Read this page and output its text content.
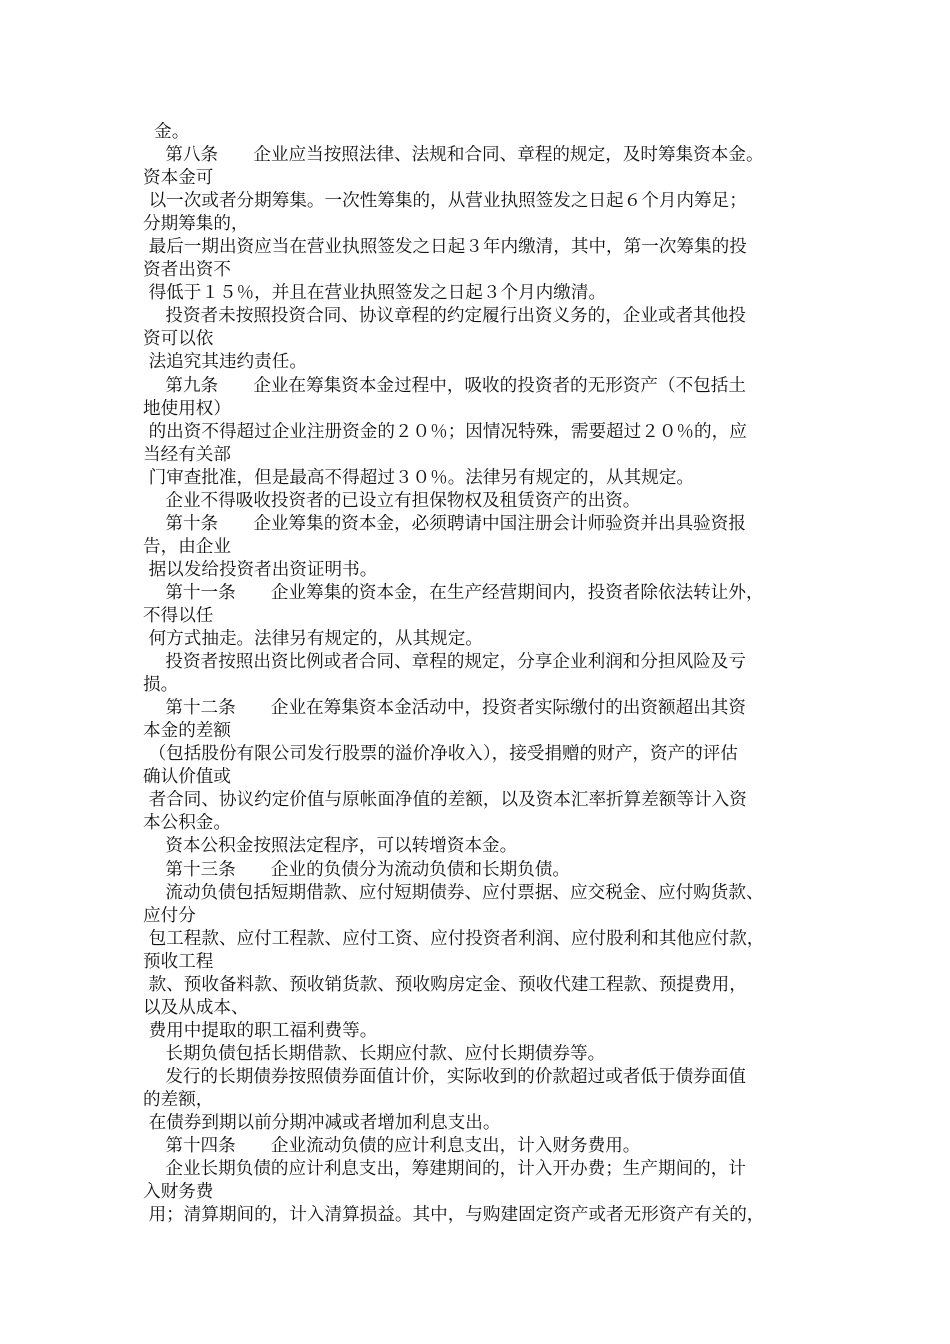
金。
第八条　　企业应当按照法律、法规和合同、章程的规定，及时筹集资本金。
资本金可
以一次或者分期筹集。一次性筹集的，从营业执照签发之日起６个月内筹足；
分期筹集的，
最后一期出资应当在营业执照签发之日起３年内缴清，其中，第一次筹集的投
资者出资不
得低于１５％，并且在营业执照签发之日起３个月内缴清。
投资者未按照投资合同、协议章程的约定履行出资义务的，企业或者其他投
资可以依
法追究其违约责任。
第九条　　企业在筹集资本金过程中，吸收的投资者的无形资产（不包括土
地使用权）
的出资不得超过企业注册资金的２０％；因情况特殊，需要超过２０％的，应
当经有关部
门审查批准，但是最高不得超过３０％。法律另有规定的，从其规定。
企业不得吸收投资者的已设立有担保物权及租赁资产的出资。
第十条　　企业筹集的资本金，必须聘请中国注册会计师验资并出具验资报
告，由企业
据以发给投资者出资证明书。
第十一条　　企业筹集的资本金，在生产经营期间内，投资者除依法转让外，
不得以任
何方式抽走。法律另有规定的，从其规定。
投资者按照出资比例或者合同、章程的规定，分享企业利润和分担风险及亏
损。
第十二条　　企业在筹集资本金活动中，投资者实际缴付的出资额超出其资
本金的差额
（包括股份有限公司发行股票的溢价净收入），接受捐赠的财产，资产的评估
确认价值或
者合同、协议约定价值与原帐面净值的差额，以及资本汇率折算差额等计入资
本公积金。
资本公积金按照法定程序，可以转增资本金。
第十三条　　企业的负债分为流动负债和长期负债。
流动负债包括短期借款、应付短期债券、应付票据、应交税金、应付购货款、
应付分
包工程款、应付工程款、应付工资、应付投资者利润、应付股利和其他应付款，
预收工程
款、预收备料款、预收销货款、预收购房定金、预收代建工程款、预提费用，
以及从成本、
费用中提取的职工福利费等。
长期负债包括长期借款、长期应付款、应付长期债券等。
发行的长期债券按照债券面值计价，实际收到的价款超过或者低于债券面值
的差额，
在债券到期以前分期冲减或者增加利息支出。
第十四条　　企业流动负债的应计利息支出，计入财务费用。
企业长期负债的应计利息支出，筹建期间的，计入开办费；生产期间的，计
入财务费
用；清算期间的，计入清算损益。其中，与购建固定资产或者无形资产有关的，
